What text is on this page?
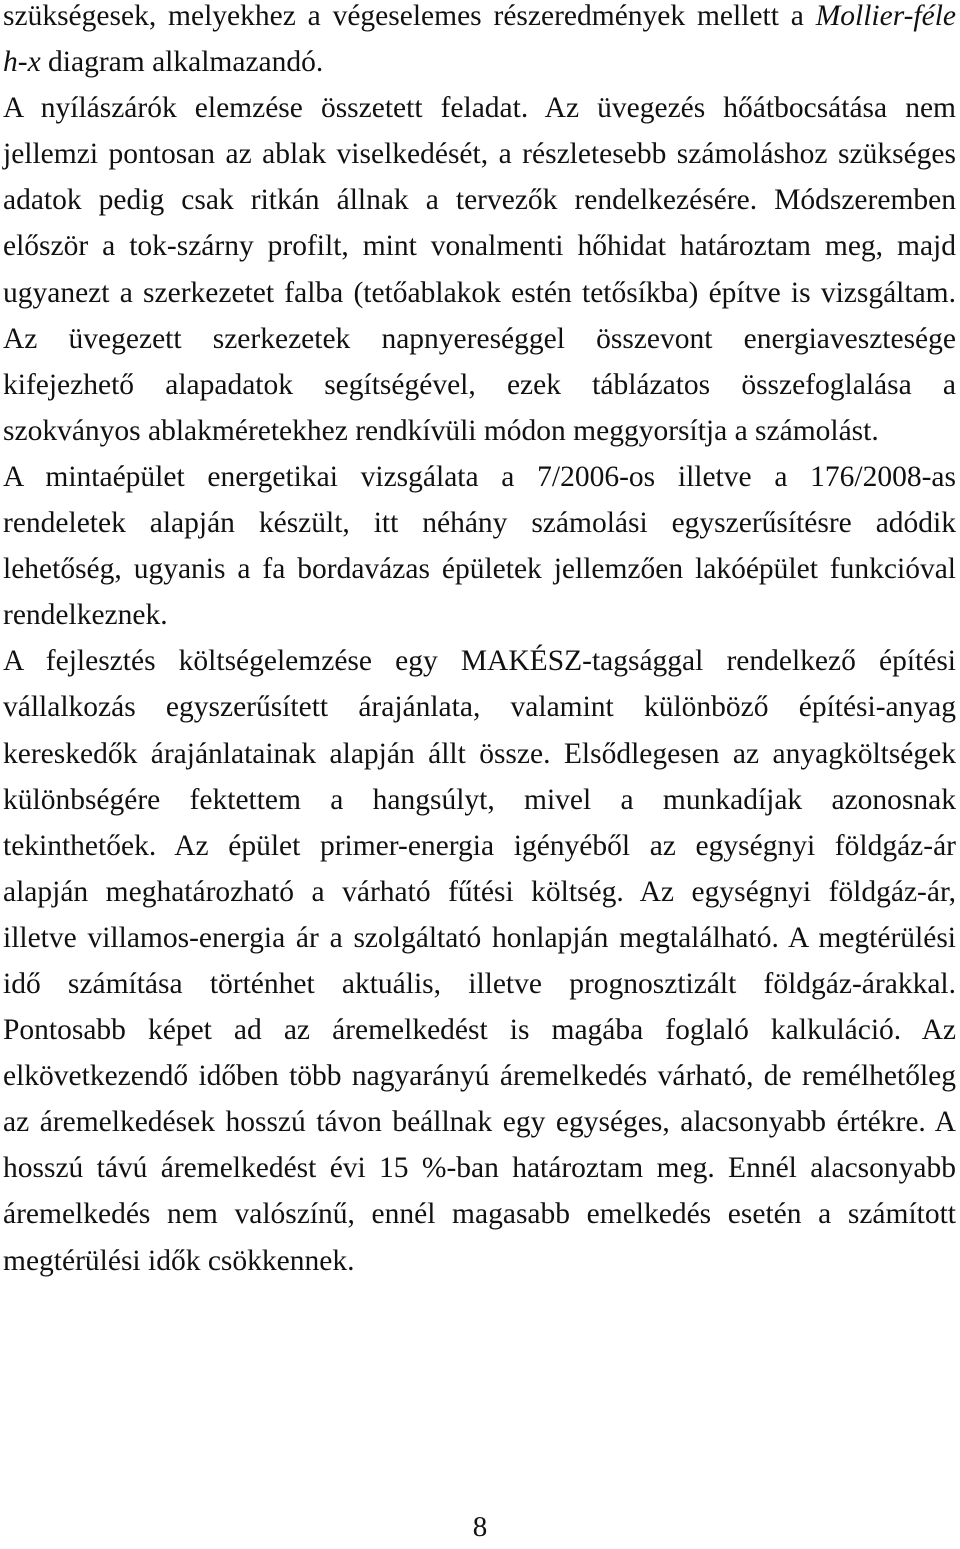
szükségesek, melyekhez a végeselemes részeredmények mellett a Mollier-féle h-x diagram alkalmazandó.

A nyílászárók elemzése összetett feladat. Az üvegezés hőátbocsátása nem jellemzi pontosan az ablak viselkedését, a részletesebb számoláshoz szükséges adatok pedig csak ritkán állnak a tervezők rendelkezésére. Módszeremben először a tok-szárny profilt, mint vonalmenti hőhidat határoztam meg, majd ugyanezt a szerkezetet falba (tetőablakok estén tetősíkba) építve is vizsgáltam. Az üvegezett szerkezetek napnyereséggel összevont energiavesztesége kifejezhető alapadatok segítségével, ezek táblázatos összefoglalása a szokványos ablakméretekhez rendkívüli módon meggyorsítja a számolást.

A mintaépület energetikai vizsgálata a 7/2006-os illetve a 176/2008-as rendeletek alapján készült, itt néhány számolási egyszerűsítésre adódik lehetőség, ugyanis a fa bordavázas épületek jellemzően lakóépület funkcióval rendelkeznek.

A fejlesztés költségelemzése egy MAKÉSZ-tagsággal rendelkező építési vállalkozás egyszerűsített árajánlata, valamint különböző építési-anyag kereskedők árajánlatainak alapján állt össze. Elsődlegesen az anyagköltségek különbségére fektettem a hangsúlyt, mivel a munkadíjak azonosnak tekinthetőek. Az épület primer-energia igényéből az egységnyi földgáz-ár alapján meghatározható a várható fűtési költség. Az egységnyi földgáz-ár, illetve villamos-energia ár a szolgáltató honlapján megtalálható. A megtérülési idő számítása történhet aktuális, illetve prognosztizált földgáz-árakkal. Pontosabb képet ad az áremelkedést is magába foglaló kalkuláció. Az elkövetkezendő időben több nagyarányú áremelkedés várható, de remélhetőleg az áremelkedések hosszú távon beállnak egy egységes, alacsonyabb értékre. A hosszú távú áremelkedést évi 15 %-ban határoztam meg. Ennél alacsonyabb áremelkedés nem valószínű, ennél magasabb emelkedés esetén a számított megtérülési idők csökkennek.

8
